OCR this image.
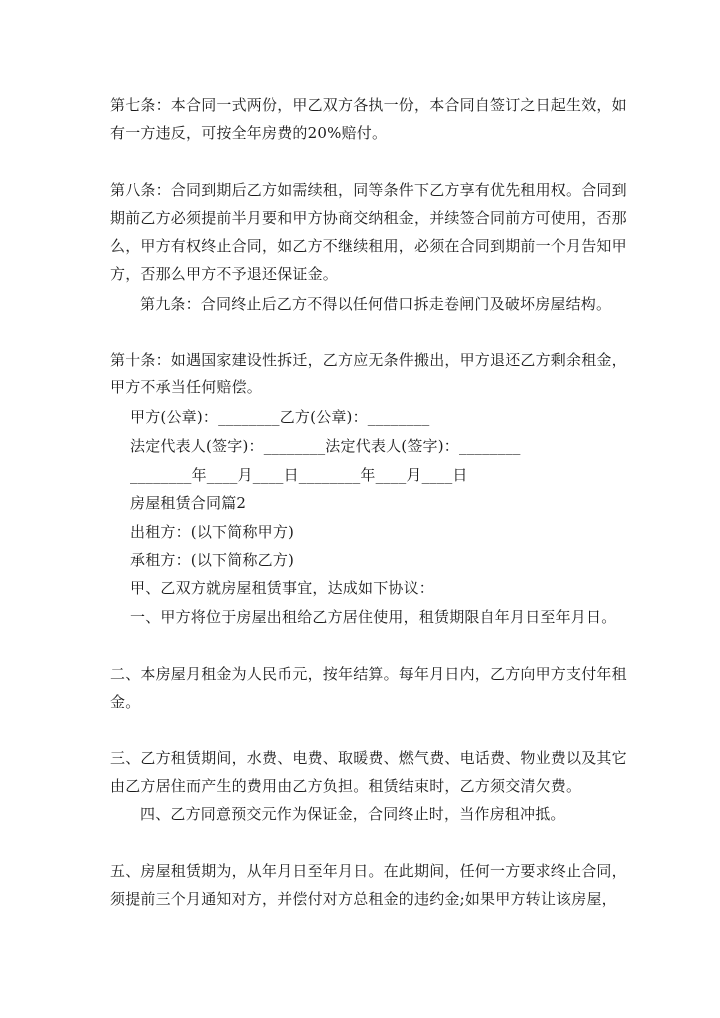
第七条：本合同一式两份，甲乙双方各执一份，本合同自签订之日起生效，如
有一方违反，可按全年房费的20%赔付。
第八条：合同到期后乙方如需续租，同等条件下乙方享有优先租用权。合同到
期前乙方必须提前半月要和甲方协商交纳租金，并续签合同前方可使用，否那
么，甲方有权终止合同，如乙方不继续租用，必须在合同到期前一个月告知甲
方，否那么甲方不予退还保证金。
第九条：合同终止后乙方不得以任何借口拆走卷闸门及破坏房屋结构。
第十条：如遇国家建设性拆迁，乙方应无条件搬出，甲方退还乙方剩余租金，
甲方不承当任何赔偿。
甲方(公章)：________乙方(公章)：________
法定代表人(签字)：________法定代表人(签字)：________
________年____月____日________年____月____日
房屋租赁合同篇2
出租方：(以下简称甲方)
承租方：(以下简称乙方)
甲、乙双方就房屋租赁事宜，达成如下协议：
一、甲方将位于房屋出租给乙方居住使用，租赁期限自年月日至年月日。
二、本房屋月租金为人民币元，按年结算。每年月日内，乙方向甲方支付年租
金。
三、乙方租赁期间，水费、电费、取暖费、燃气费、电话费、物业费以及其它
由乙方居住而产生的费用由乙方负担。租赁结束时，乙方须交清欠费。
四、乙方同意预交元作为保证金，合同终止时，当作房租冲抵。
五、房屋租赁期为，从年月日至年月日。在此期间，任何一方要求终止合同，
须提前三个月通知对方，并偿付对方总租金的违约金;如果甲方转让该房屋，
